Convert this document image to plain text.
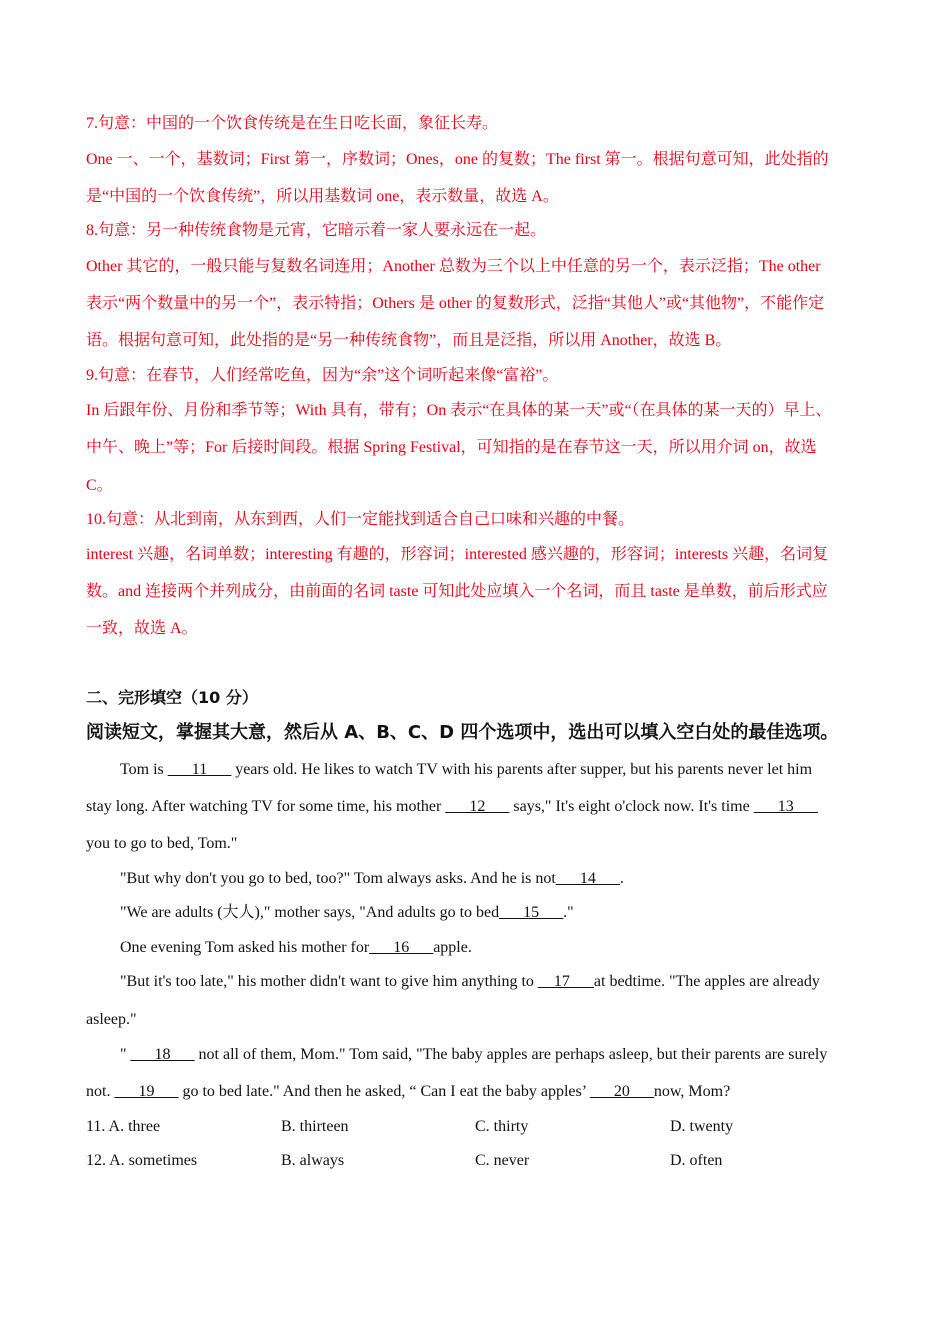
7.句意：中国的一个饮食传统是在生日吃长面，象征长寿。
One 一、一个，基数词；First 第一，序数词；Ones，one 的复数；The first 第一。根据句意可知，此处指的
是“中国的一个饮食传统”，所以用基数词 one，表示数量，故选 A。
8.句意：另一种传统食物是元宵，它暗示着一家人要永远在一起。
Other 其它的，一般只能与复数名词连用；Another 总数为三个以上中任意的另一个，表示泛指；The other
表示“两个数量中的另一个”，表示特指；Others 是 other 的复数形式，泛指“其他人”或“其他物”，不能作定
语。根据句意可知，此处指的是“另一种传统食物”，而且是泛指，所以用 Another，故选 B。
9.句意：在春节，人们经常吃鱼，因为“余”这个词听起来像“富裕”。
In 后跟年份、月份和季节等；With 具有，带有；On 表示“在具体的某一天”或“（在具体的某一天的）早上、
中午、晚上”等；For 后接时间段。根据 Spring Festival，可知指的是在春节这一天，所以用介词 on，故选
C。
10.句意：从北到南，从东到西，人们一定能找到适合自己口味和兴趣的中餐。
interest 兴趣，名词单数；interesting 有趣的，形容词；interested 感兴趣的，形容词；interests 兴趣，名词复
数。and 连接两个并列成分，由前面的名词 taste 可知此处应填入一个名词，而且 taste 是单数，前后形式应
一致，故选 A。
二、完形填空（10 分）
阅读短文，掌握其大意，然后从 A、B、C、D 四个选项中，选出可以填入空白处的最佳选项。
Tom is ___11___ years old. He likes to watch TV with his parents after supper, but his parents never let him
stay long. After watching TV for some time, his mother ___12___ says," It's eight o'clock now. It's time ___13___
you to go to bed, Tom."
"But why don't you go to bed, too?" Tom always asks. And he is not___14___.
"We are adults (大人)," mother says, "And adults go to bed___15___."
One evening Tom asked his mother for___16___apple.
"But it's too late," his mother didn't want to give him anything to __17___at bedtime. "The apples are already
asleep."
" ___18___ not all of them, Mom." Tom said, "The baby apples are perhaps asleep, but their parents are surely
not. ___19___ go to bed late." And then he asked, “ Can I eat the baby apples’ ___20___now, Mom?
11. A. three	B. thirteen	C. thirty	D. twenty
12. A. sometimes	B. always	C. never	D. often
